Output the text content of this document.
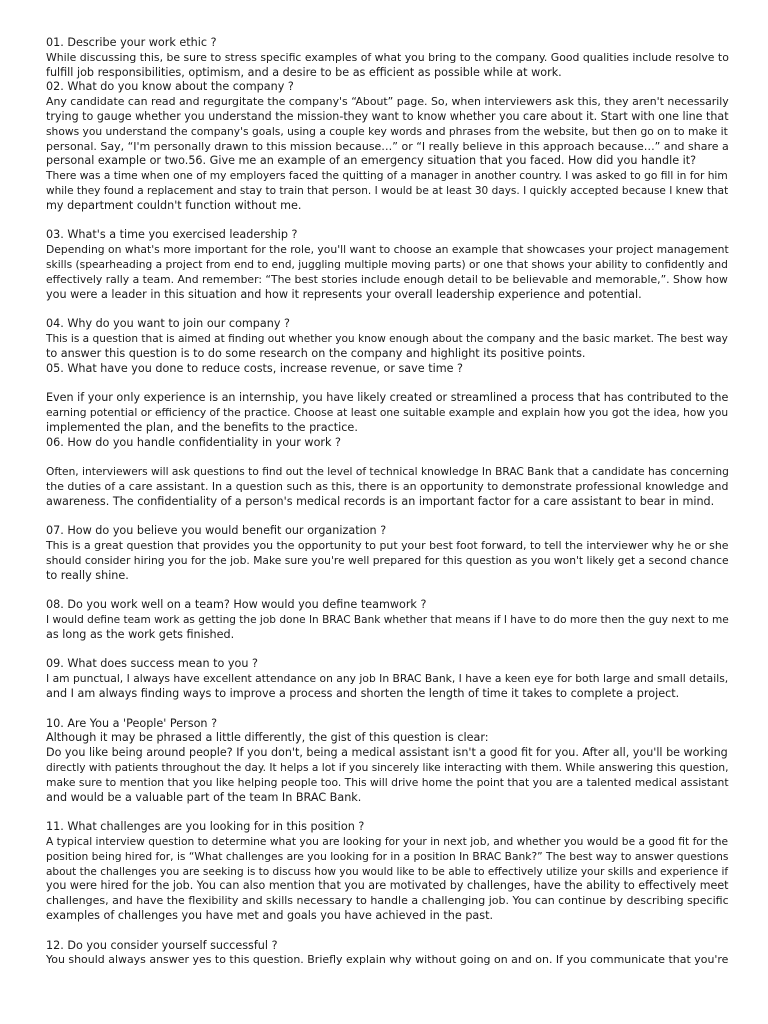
01. Describe your work ethic ?
While discussing this, be sure to stress specific examples of what you bring to the company. Good qualities include resolve to
fulfill job responsibilities, optimism, and a desire to be as efficient as possible while at work.
02. What do you know about the company ?
Any candidate can read and regurgitate the company's “About” page. So, when interviewers ask this, they aren't necessarily
trying to gauge whether you understand the mission-they want to know whether you care about it. Start with one line that
shows you understand the company's goals, using a couple key words and phrases from the website, but then go on to make it
personal. Say, “I'm personally drawn to this mission because…” or “I really believe in this approach because…” and share a
personal example or two.56. Give me an example of an emergency situation that you faced. How did you handle it?
There was a time when one of my employers faced the quitting of a manager in another country. I was asked to go fill in for him
while they found a replacement and stay to train that person. I would be at least 30 days. I quickly accepted because I knew that
my department couldn't function without me.
03. What's a time you exercised leadership ?
Depending on what's more important for the role, you'll want to choose an example that showcases your project management
skills (spearheading a project from end to end, juggling multiple moving parts) or one that shows your ability to confidently and
effectively rally a team. And remember: “The best stories include enough detail to be believable and memorable,”. Show how
you were a leader in this situation and how it represents your overall leadership experience and potential.
04. Why do you want to join our company ?
This is a question that is aimed at finding out whether you know enough about the company and the basic market. The best way
to answer this question is to do some research on the company and highlight its positive points.
05. What have you done to reduce costs, increase revenue, or save time ?
Even if your only experience is an internship, you have likely created or streamlined a process that has contributed to the
earning potential or efficiency of the practice. Choose at least one suitable example and explain how you got the idea, how you
implemented the plan, and the benefits to the practice.
06. How do you handle confidentiality in your work ?
Often, interviewers will ask questions to find out the level of technical knowledge In BRAC Bank that a candidate has concerning
the duties of a care assistant. In a question such as this, there is an opportunity to demonstrate professional knowledge and
awareness. The confidentiality of a person's medical records is an important factor for a care assistant to bear in mind.
07. How do you believe you would benefit our organization ?
This is a great question that provides you the opportunity to put your best foot forward, to tell the interviewer why he or she
should consider hiring you for the job. Make sure you're well prepared for this question as you won't likely get a second chance
to really shine.
08. Do you work well on a team? How would you define teamwork ?
I would define team work as getting the job done In BRAC Bank whether that means if I have to do more then the guy next to me
as long as the work gets finished.
09. What does success mean to you ?
I am punctual, I always have excellent attendance on any job In BRAC Bank, I have a keen eye for both large and small details,
and I am always finding ways to improve a process and shorten the length of time it takes to complete a project.
10. Are You a 'People' Person ?
Although it may be phrased a little differently, the gist of this question is clear:
Do you like being around people? If you don't, being a medical assistant isn't a good fit for you. After all, you'll be working
directly with patients throughout the day. It helps a lot if you sincerely like interacting with them. While answering this question,
make sure to mention that you like helping people too. This will drive home the point that you are a talented medical assistant
and would be a valuable part of the team In BRAC Bank.
11. What challenges are you looking for in this position ?
A typical interview question to determine what you are looking for your in next job, and whether you would be a good fit for the
position being hired for, is “What challenges are you looking for in a position In BRAC Bank?” The best way to answer questions
about the challenges you are seeking is to discuss how you would like to be able to effectively utilize your skills and experience if
you were hired for the job. You can also mention that you are motivated by challenges, have the ability to effectively meet
challenges, and have the flexibility and skills necessary to handle a challenging job. You can continue by describing specific
examples of challenges you have met and goals you have achieved in the past.
12. Do you consider yourself successful ?
You should always answer yes to this question. Briefly explain why without going on and on. If you communicate that you're
